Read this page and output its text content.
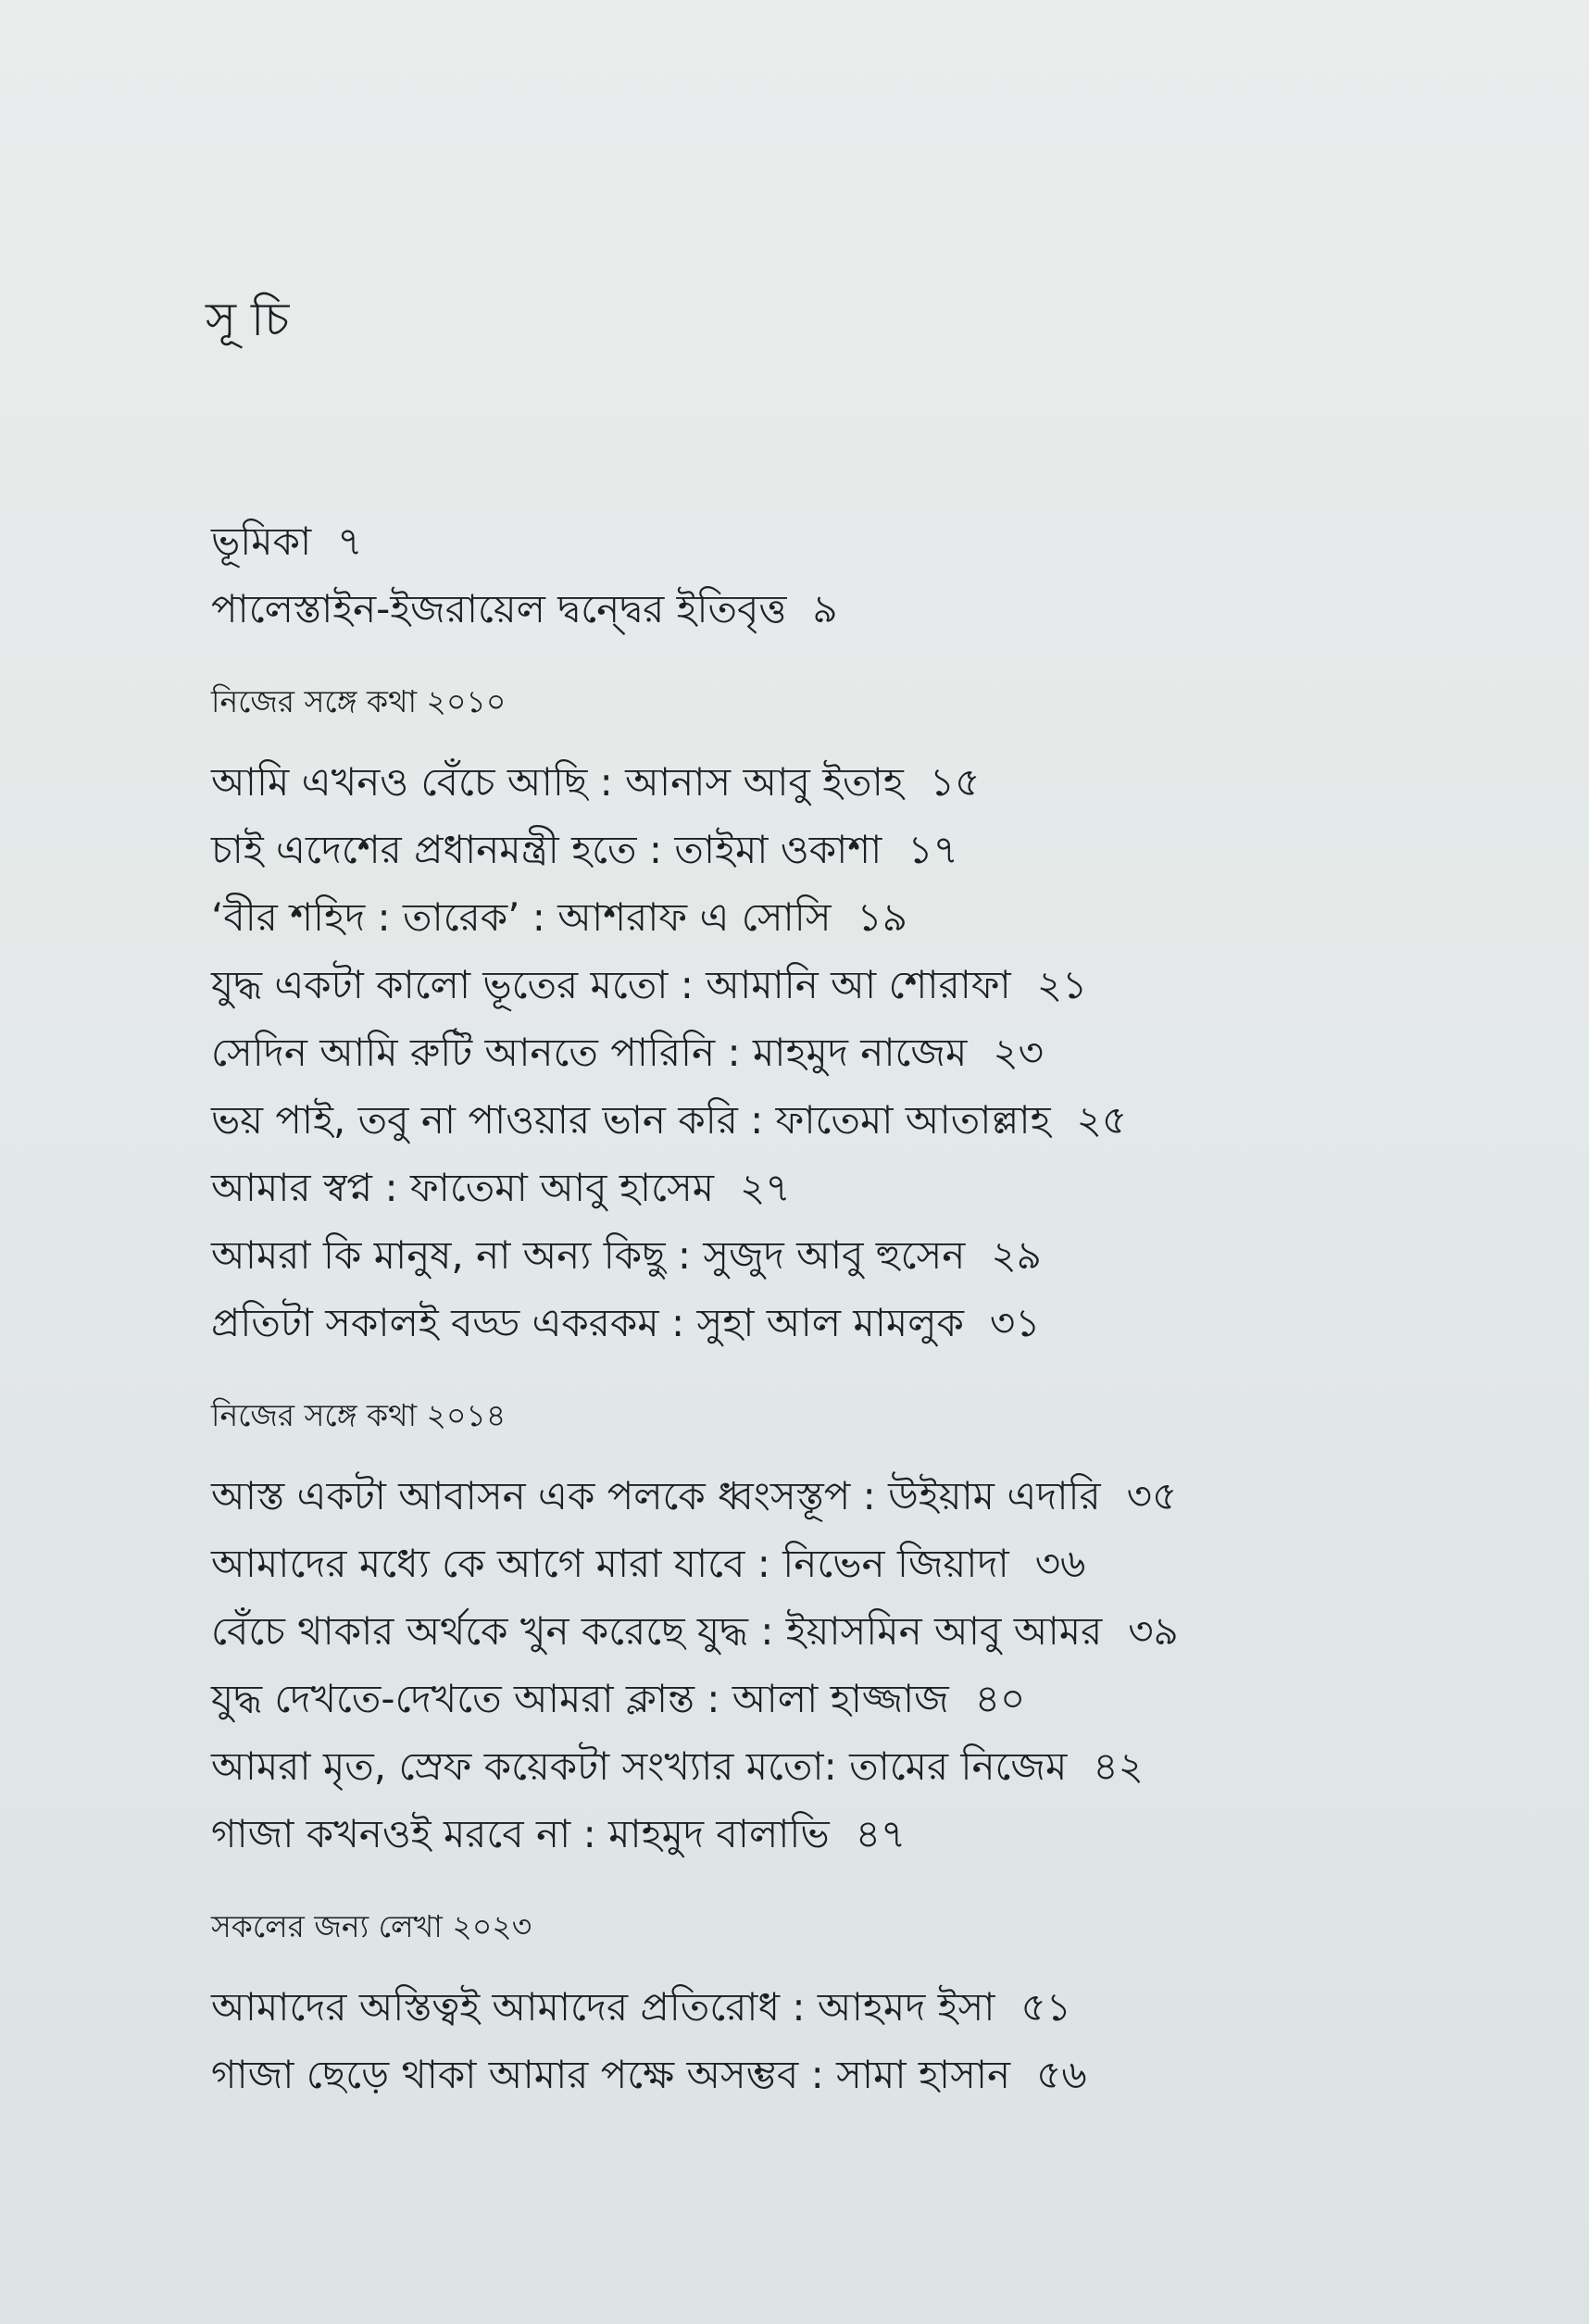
সূচি
ভূমিকা ৭
পালেস্তাইন-ইজরায়েল দ্বন্দ্বের ইতিবৃত্ত ৯
নিজের সঙ্গে কথা ২০১০
আমি এখনও বেঁচে আছি : আনাস আবু ইতাহ ১৫
চাই এদেশের প্রধানমন্ত্রী হতে : তাইমা ওকাশা ১৭
‘বীর শহিদ : তারেক’ : আশরাফ এ সোসি ১৯
যুদ্ধ একটা কালো ভূতের মতো : আমানি আ শোরাফা ২১
সেদিন আমি রুটি আনতে পারিনি : মাহমুদ নাজেম ২৩
ভয় পাই, তবু না পাওয়ার ভান করি : ফাতেমা আতাল্লাহ ২৫
আমার স্বপ্ন : ফাতেমা আবু হাসেম ২৭
আমরা কি মানুষ, না অন্য কিছু : সুজুদ আবু হুসেন ২৯
প্রতিটা সকালই বড্ড একরকম : সুহা আল মামলুক ৩১
নিজের সঙ্গে কথা ২০১৪
আস্ত একটা আবাসন এক পলকে ধ্বংসস্তূপ : উইয়াম এদারি ৩৫
আমাদের মধ্যে কে আগে মারা যাবে : নিভেন জিয়াদা ৩৬
বেঁচে থাকার অর্থকে খুন করেছে যুদ্ধ : ইয়াসমিন আবু আমর ৩৯
যুদ্ধ দেখতে-দেখতে আমরা ক্লান্ত : আলা হাজ্জাজ ৪০
আমরা মৃত, স্রেফ কয়েকটা সংখ্যার মতো: তামের নিজেম ৪২
গাজা কখনওই মরবে না : মাহমুদ বালাভি ৪৭
সকলের জন্য লেখা ২০২৩
আমাদের অস্তিত্বই আমাদের প্রতিরোধ : আহমদ ইসা ৫১
গাজা ছেড়ে থাকা আমার পক্ষে অসম্ভব : সামা হাসান ৫৬
